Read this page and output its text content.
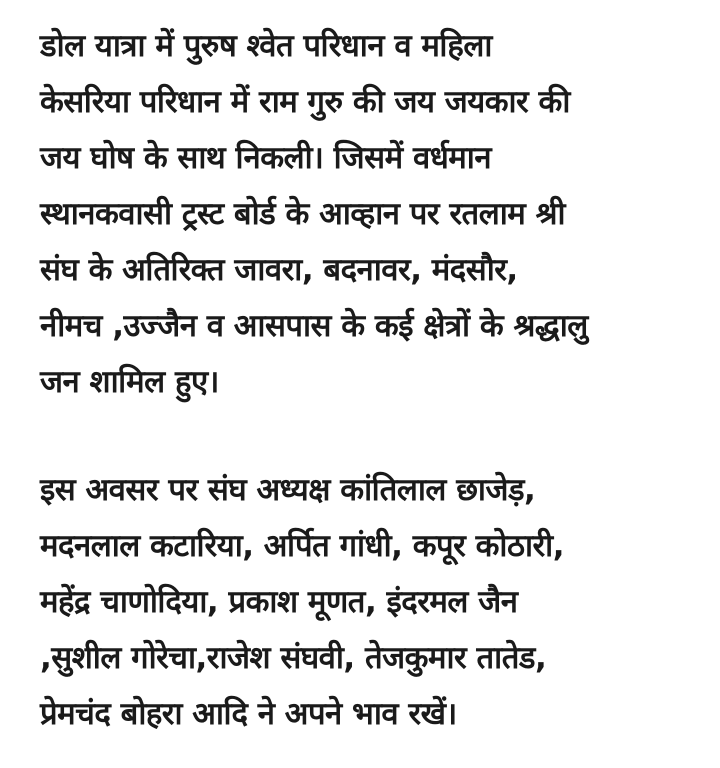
डोल यात्रा में पुरुष श्वेत परिधान व महिला
केसरिया परिधान में राम गुरु की जय जयकार की
जय घोष के साथ निकली। जिसमें वर्धमान
स्थानकवासी ट्रस्ट बोर्ड के आव्हान पर रतलाम श्री
संघ के अतिरिक्त जावरा, बदनावर, मंदसौर,
नीमच ,उज्जैन व आसपास के कई क्षेत्रों के श्रद्धालु
जन शामिल हुए।
इस अवसर पर संघ अध्यक्ष कांतिलाल छाजेड़,
मदनलाल कटारिया, अर्पित गांधी, कपूर कोठारी,
महेंद्र चाणोदिया, प्रकाश मूणत, इंदरमल जैन
,सुशील गोरेचा,राजेश संघवी, तेजकुमार तातेड,
प्रेमचंद बोहरा आदि ने अपने भाव रखें।
